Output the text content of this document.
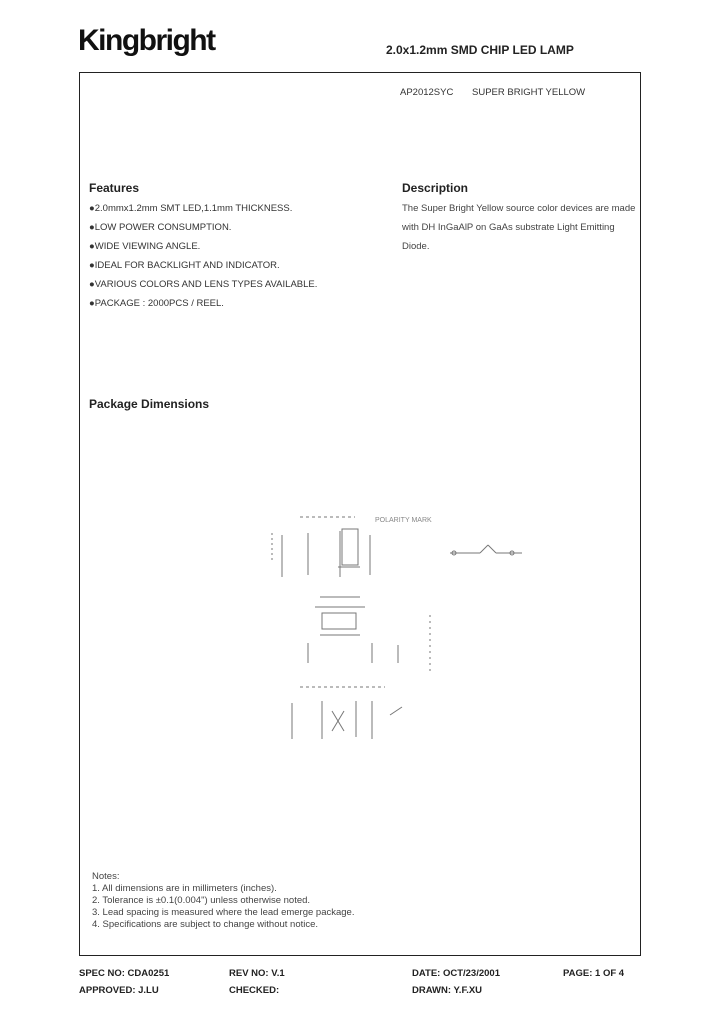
Kingbright	2.0x1.2mm SMD CHIP LED LAMP
AP2012SYC SUPER BRIGHT YELLOW
Features
●2.0mmx1.2mm SMT LED,1.1mm THICKNESS.
●LOW POWER CONSUMPTION.
●WIDE VIEWING ANGLE.
●IDEAL FOR BACKLIGHT AND INDICATOR.
●VARIOUS COLORS AND LENS TYPES AVAILABLE.
●PACKAGE : 2000PCS / REEL.
Description
The Super Bright Yellow source color devices are made
with DH InGaAlP on GaAs substrate Light Emitting
Diode.
Package Dimensions
POLARITY MARK
Notes:
1. All dimensions are in millimeters (inches).
2. Tolerance is ±0.1(0.004") unless otherwise noted.
3. Lead spacing is measured where the lead emerge package.
4. Specifications are subject to change without notice.
SPEC NO: CDA0251	REV NO: V.1	DATE: OCT/23/2001	PAGE: 1 OF 4
APPROVED: J.LU	CHECKED:	DRAWN: Y.F.XU
